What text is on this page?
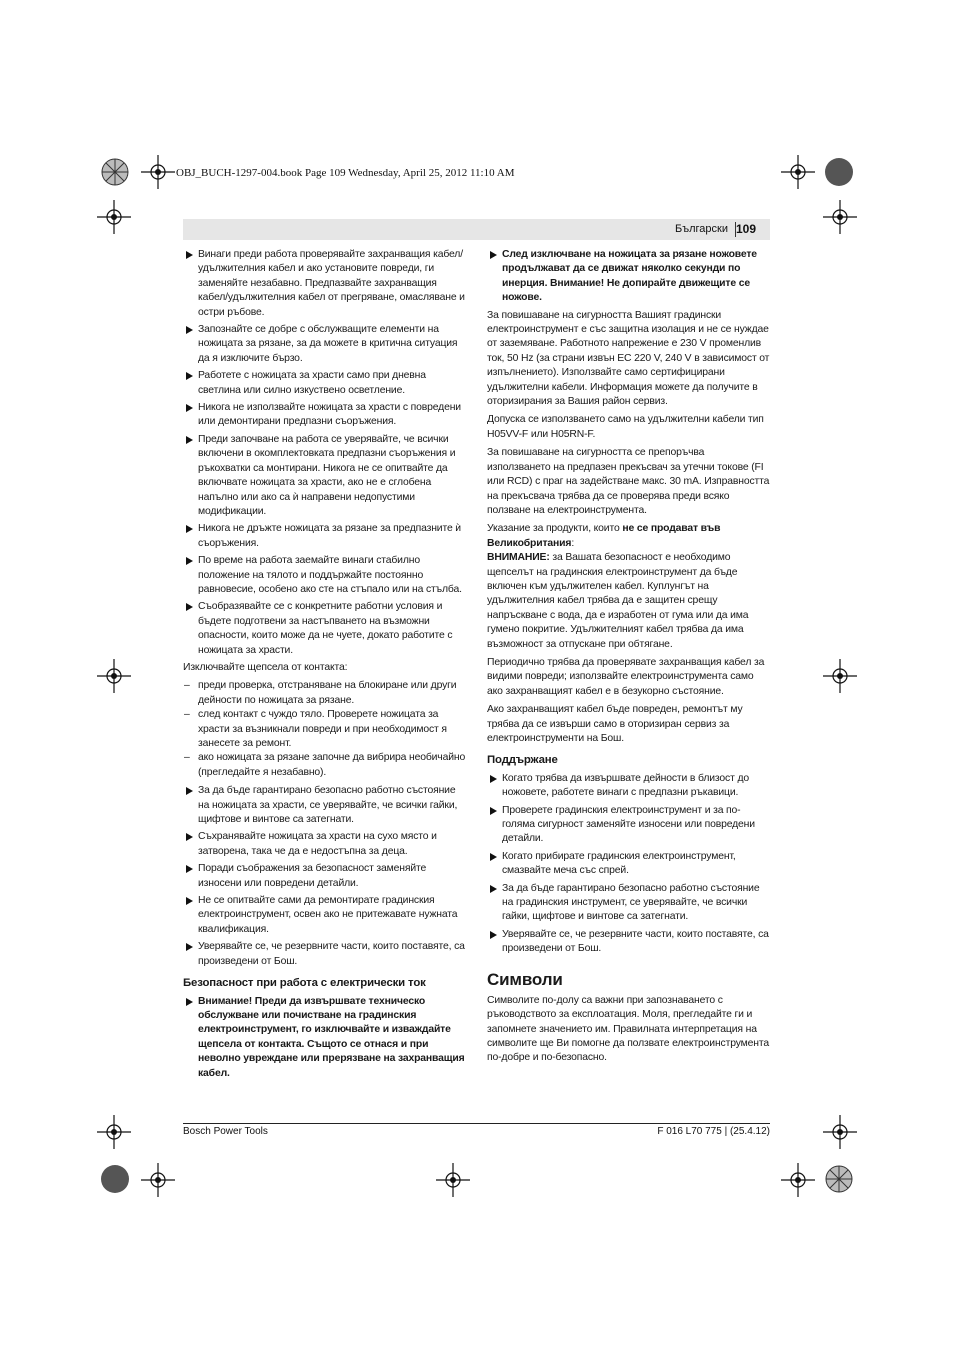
OBJ_BUCH-1297-004.book Page 109 Wednesday, April 25, 2012 11:10 AM
Български 109
Винаги преди работа проверявайте захранващия кабел/удължителния кабел и ако установите повреди, ги заменяйте незабавно. Предпазвайте захранващия кабел/удължителния кабел от прегряване, омасляване и остри ръбове.
Запознайте се добре с обслужващите елементи на ножицата за рязане, за да можете в критична ситуация да я изключите бързо.
Работете с ножицата за храсти само при дневна светлина или силно изкуствено осветление.
Никога не използвайте ножицата за храсти с повредени или демонтирани предпазни съоръжения.
Преди започване на работа се уверявайте, че всички включени в окомплектовката предпазни съоръжения и ръкохватки са монтирани. Никога не се опитвайте да включвате ножицата за храсти, ако не е сглобена напълно или ако са ѝ направени недопустими модификации.
Никога не дръжте ножицата за рязане за предпазните ѝ съоръжения.
По време на работа заемайте винаги стабилно положение на тялото и поддържайте постоянно равновесие, особено ако сте на стъпало или на стълба.
Съобразявайте се с конкретните работни условия и бъдете подготвени за настъпването на възможни опасности, които може да не чуете, докато работите с ножицата за храсти.
Изключвайте щепсела от контакта:
– преди проверка, отстраняване на блокиране или други дейности по ножицата за рязане.
– след контакт с чуждо тяло. Проверете ножицата за храсти за възникнали повреди и при необходимост я занесете за ремонт.
– ако ножицата за рязане започне да вибрира необичайно (прегледайте я незабавно).
За да бъде гарантирано безопасно работно състояние на ножицата за храсти, се уверявайте, че всички гайки, щифтове и винтове са затегнати.
Съхранявайте ножицата за храсти на сухо място и затворена, така че да е недостъпна за деца.
Поради съображения за безопасност заменяйте износени или повредени детайли.
Не се опитвайте сами да ремонтирате градинския електроинструмент, освен ако не притежавате нужната квалификация.
Уверявайте се, че резервните части, които поставяте, са произведени от Бош.
Безопасност при работа с електрически ток
Внимание! Преди да извършвате техническо обслужване или почистване на градинския електроинструмент, го изключвайте и изваждайте щепсела от контакта. Същото се отнася и при неволно увреждане или прерязване на захранващия кабел.
След изключване на ножицата за рязане ножовете продължават да се движат няколко секунди по инерция. Внимание! Не допирайте движещите се ножове.
За повишаване на сигурността Вашият градински електроинструмент е със защитна изолация и не се нуждае от заземяване. Работното напрежение е 230 V променлив ток, 50 Hz (за страни извън ЕС 220 V, 240 V в зависимост от изпълнението). Използвайте само сертифицирани удължителни кабели. Информация можете да получите в оторизирания за Вашия район сервиз.
Допуска се използването само на удължителни кабели тип H05VV-F или H05RN-F.
За повишаване на сигурността се препоръчва използването на предпазен прекъсвач за утечни токове (FI или RCD) с праг на задействане макс. 30 mA. Изправността на прекъсвача трябва да се проверява преди всяко ползване на електроинструмента.
Указание за продукти, които не се продават във Великобритания:
ВНИМАНИЕ: за Вашата безопасност е необходимо щепселът на градинския електроинструмент да бъде включен към удължителен кабел. Куплунгът на удължителния кабел трябва да е защитен срещу напръскване с вода, да е изработен от гума или да има гумено покритие. Удължителният кабел трябва да има възможност за отпускане при обтягане.
Периодично трябва да проверявате захранващия кабел за видими повреди; използвайте електроинструмента само ако захранващият кабел е в безукорно състояние.
Ако захранващият кабел бъде повреден, ремонтът му трябва да се извърши само в оторизиран сервиз за електроинструменти на Бош.
Поддържане
Когато трябва да извършвате дейности в близост до ножовете, работете винаги с предпазни ръкавици.
Проверете градинския електроинструмент и за по-голяма сигурност заменяйте износени или повредени детайли.
Когато прибирате градинския електроинструмент, смазвайте меча със спрей.
За да бъде гарантирано безопасно работно състояние на градинския инструмент, се уверявайте, че всички гайки, щифтове и винтове са затегнати.
Уверявайте се, че резервните части, които поставяте, са произведени от Бош.
Символи
Символите по-долу са важни при запознаването с ръководството за експлоатация. Моля, прегледайте ги и запомнете значението им. Правилната интерпретация на символите ще Ви помогне да ползвате електроинструмента по-добре и по-безопасно.
Bosch Power Tools	F 016 L70 775 | (25.4.12)
